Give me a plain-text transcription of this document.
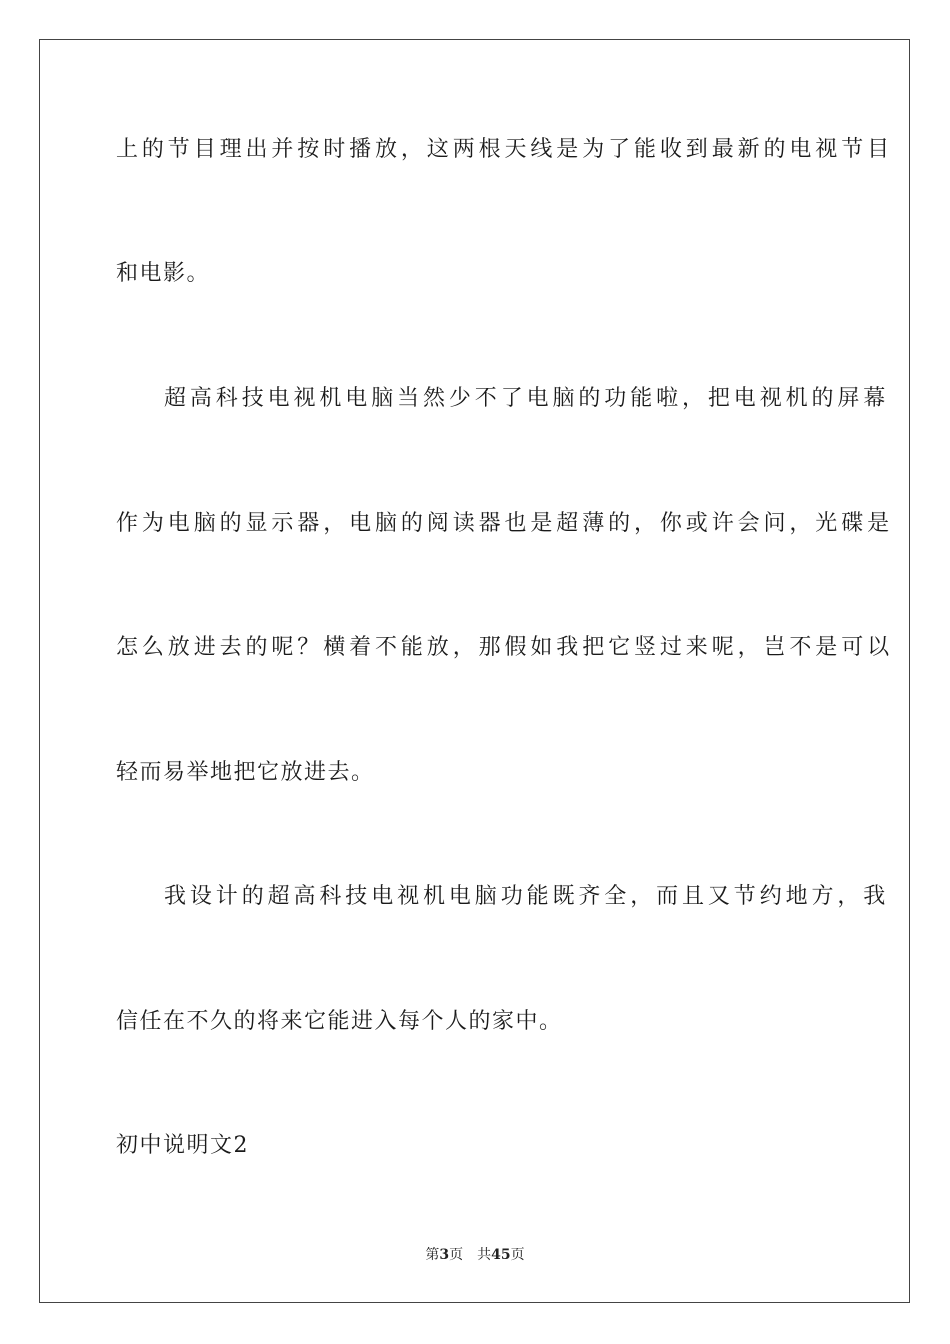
上的节目理出并按时播放，这两根天线是为了能收到最新的电视节目
和电影。
超高科技电视机电脑当然少不了电脑的功能啦，把电视机的屏幕
作为电脑的显示器，电脑的阅读器也是超薄的，你或许会问，光碟是
怎么放进去的呢？横着不能放，那假如我把它竖过来呢，岂不是可以
轻而易举地把它放进去。
我设计的超高科技电视机电脑功能既齐全，而且又节约地方，我
信任在不久的将来它能进入每个人的家中。
初中说明文2
第3页 共45页
